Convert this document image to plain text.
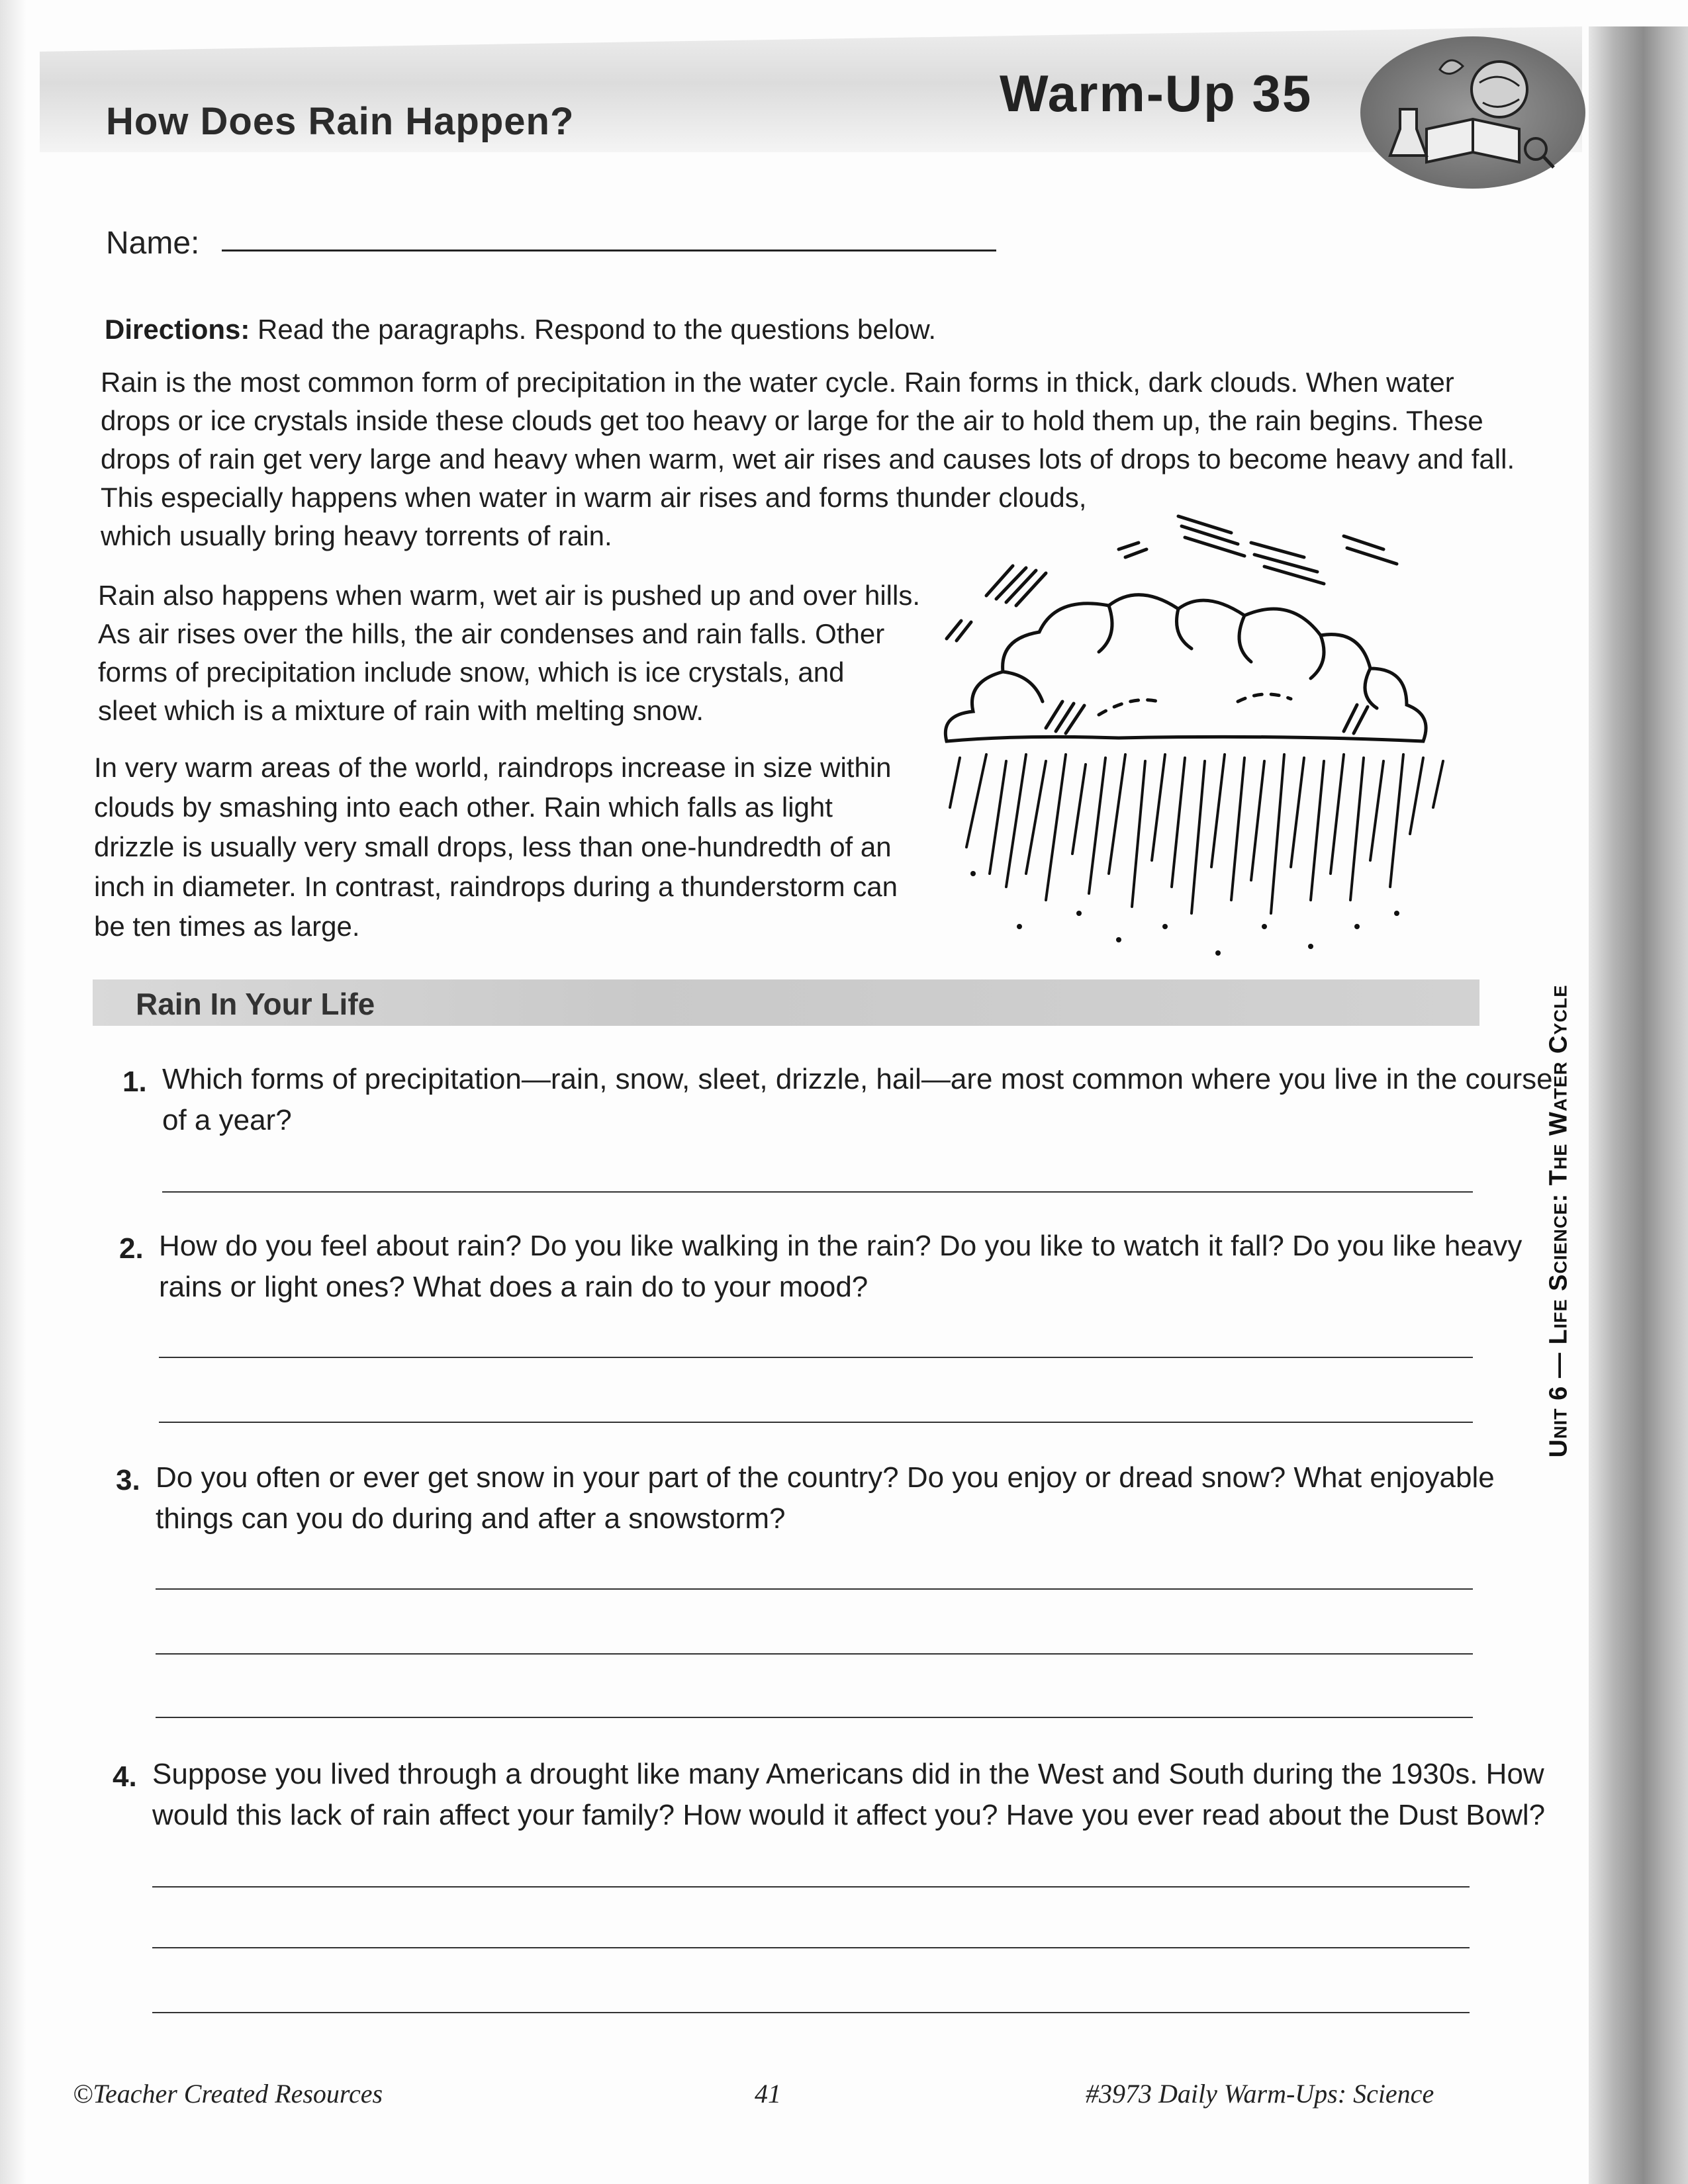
How Does Rain Happen?	Warm-Up 35
Name:
Directions: Read the paragraphs. Respond to the questions below.
Rain is the most common form of precipitation in the water cycle. Rain forms in thick, dark clouds. When water
drops or ice crystals inside these clouds get too heavy or large for the air to hold them up, the rain begins. These
drops of rain get very large and heavy when warm, wet air rises and causes lots of drops to become heavy and fall.
This especially happens when water in warm air rises and forms thunder clouds,
which usually bring heavy torrents of rain.
Rain also happens when warm, wet air is pushed up and over hills.
As air rises over the hills, the air condenses and rain falls. Other
forms of precipitation include snow, which is ice crystals, and
sleet which is a mixture of rain with melting snow.
In very warm areas of the world, raindrops increase in size within
clouds by smashing into each other. Rain which falls as light
drizzle is usually very small drops, less than one-hundredth of an
inch in diameter. In contrast, raindrops during a thunderstorm can
be ten times as large.
Rain In Your Life
1. Which forms of precipitation—rain, snow, sleet, drizzle, hail—are most common where you live in the course
of a year?
2. How do you feel about rain? Do you like walking in the rain? Do you like to watch it fall? Do you like heavy
rains or light ones? What does a rain do to your mood?
3. Do you often or ever get snow in your part of the country? Do you enjoy or dread snow? What enjoyable
things can you do during and after a snowstorm?
4. Suppose you lived through a drought like many Americans did in the West and South during the 1930s. How
would this lack of rain affect your family? How would it affect you? Have you ever read about the Dust Bowl?
Unit 6 — Life Science: The Water Cycle
©Teacher Created Resources	41	#3973 Daily Warm-Ups: Science
